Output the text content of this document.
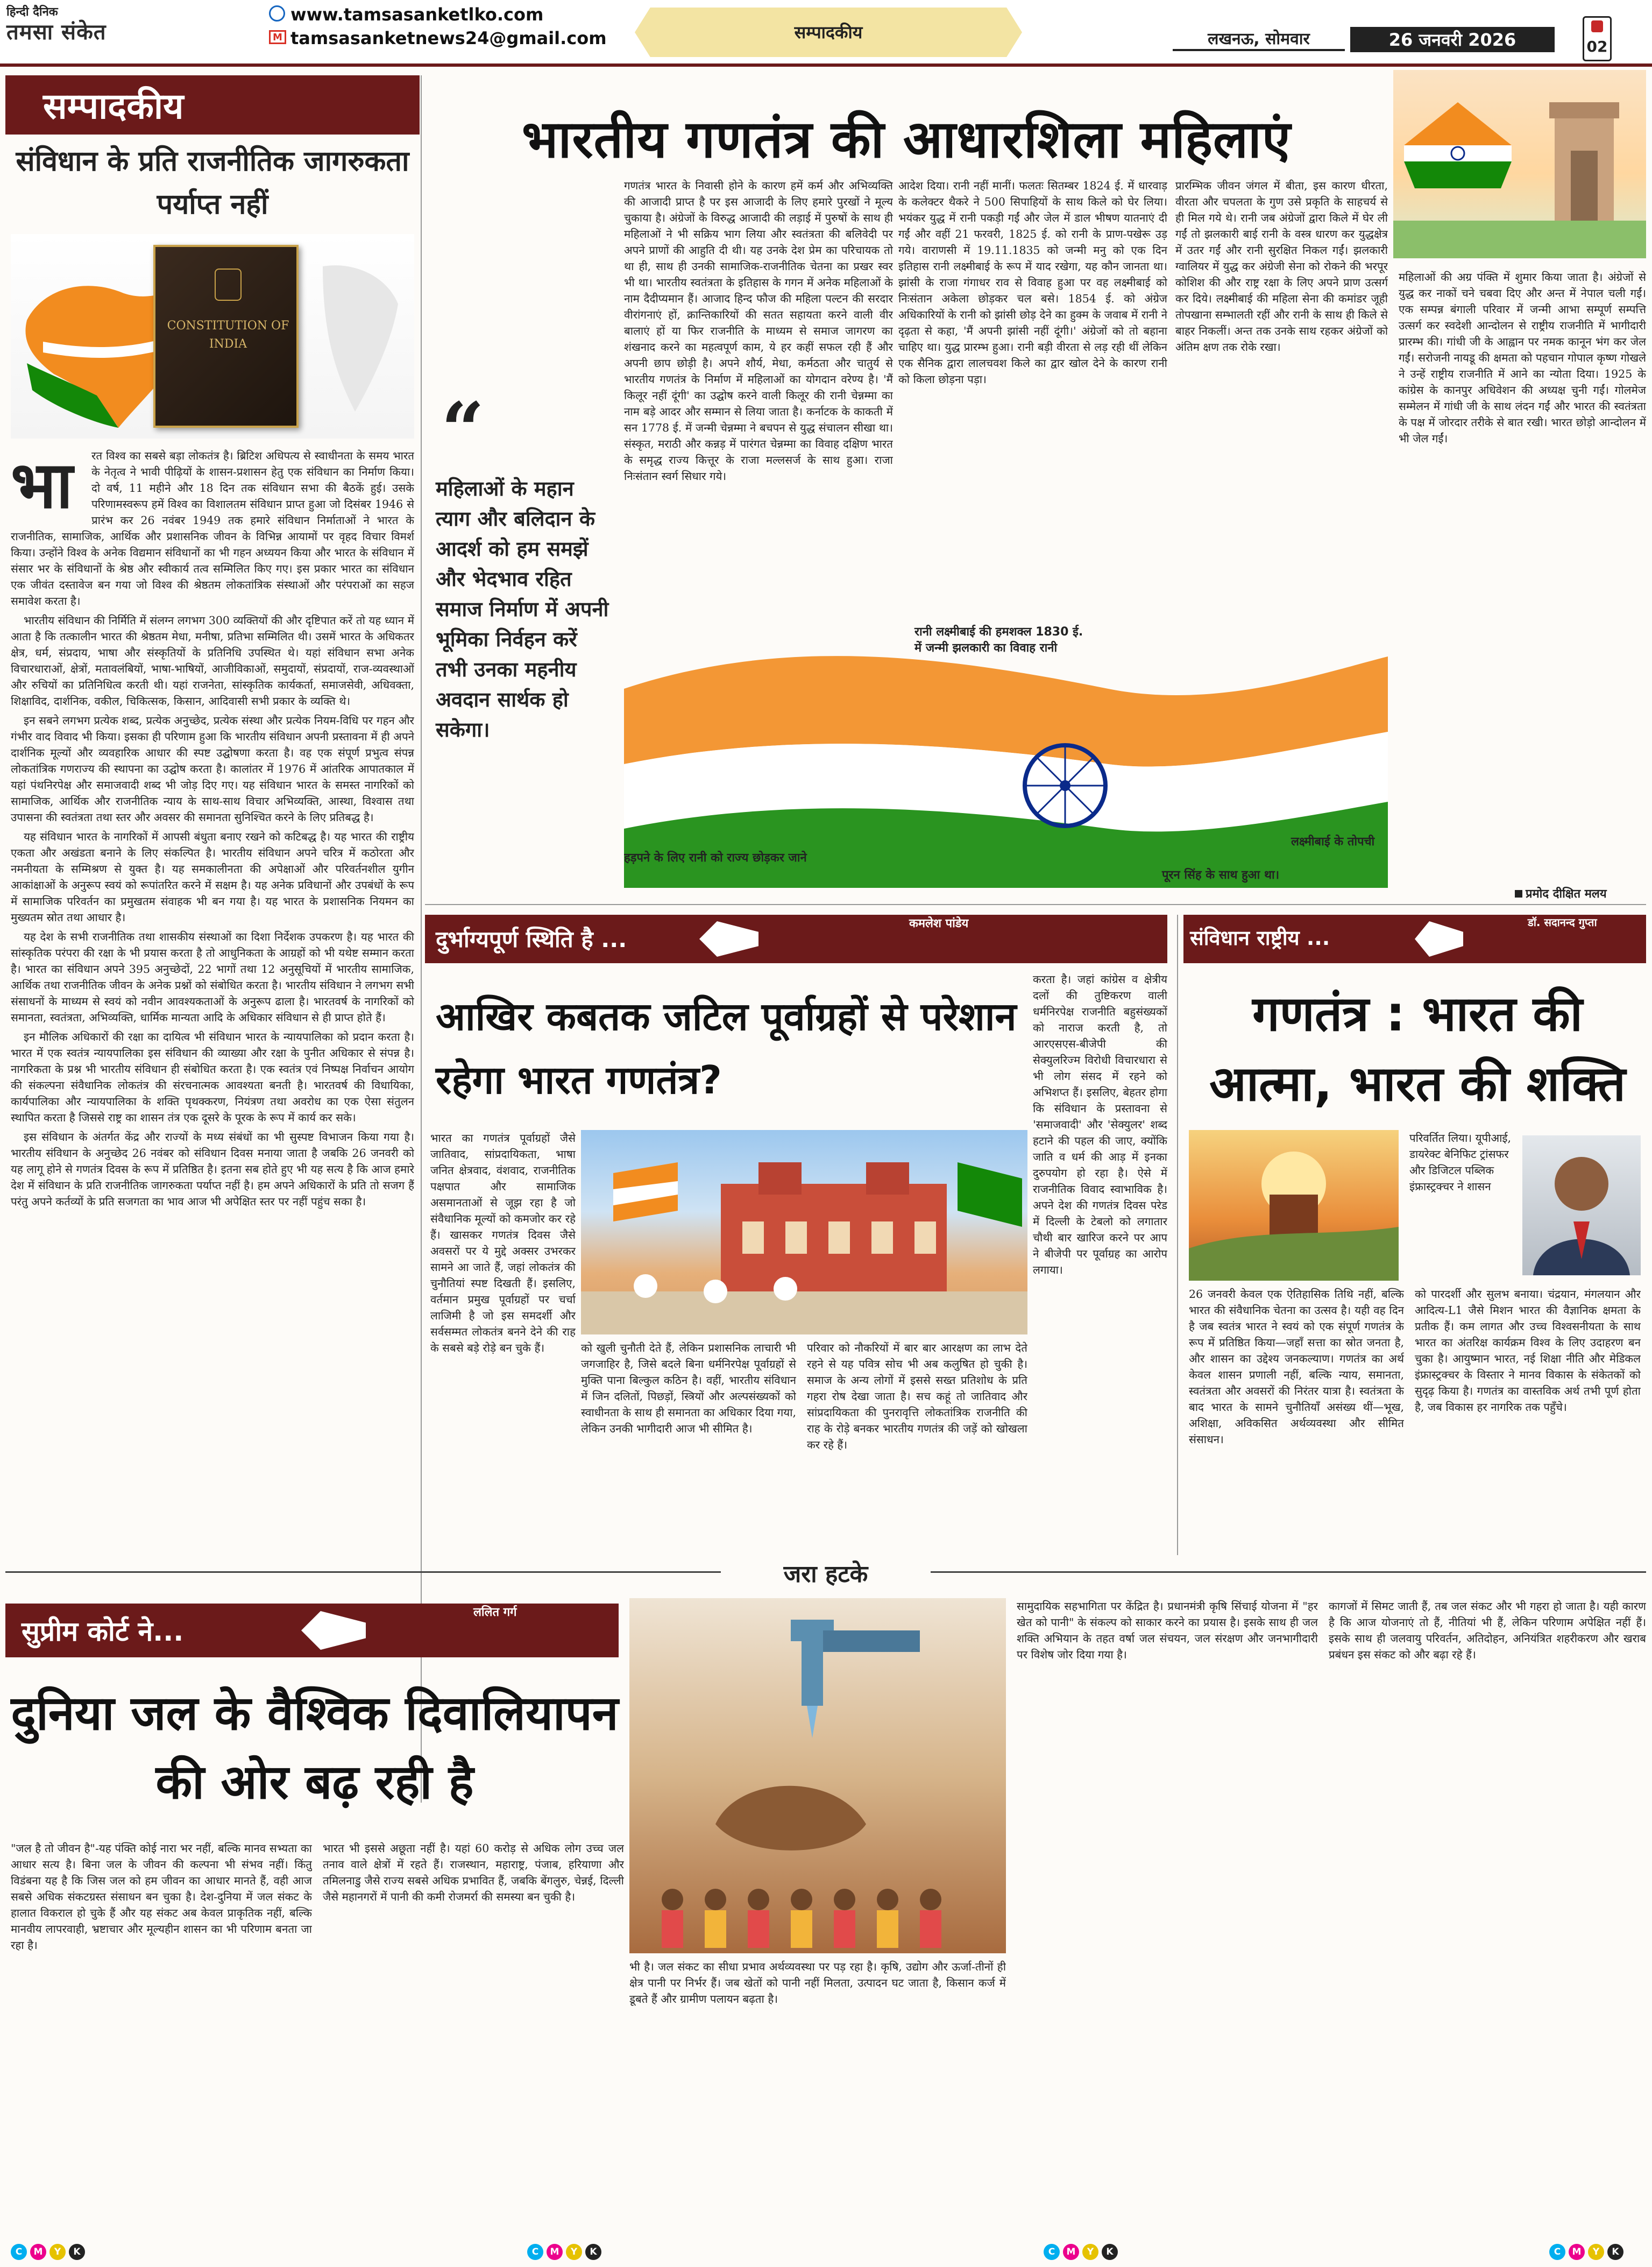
हिन्दी दैनिक
तमसा संकेत
www.tamsasanketlko.com
M tamsasanketnews24@gmail.com	सम्पादकीय	लखनऊ, सोमवार	26 जनवरी 2026	02
सम्पादकीय
संविधान के प्रति राजनीतिक जागरुकता पर्याप्त नहीं
CONSTITUTION OF INDIA
भा	रत विश्व का सबसे बड़ा लोकतंत्र है। ब्रिटिश अधिपत्य से स्वाधीनता के समय भारत के नेतृत्व ने भावी पीढ़ियों के शासन-प्रशासन हेतु एक संविधान का निर्माण किया। दो वर्ष, 11 महीने और 18 दिन तक संविधान सभा की बैठकें हुई। उसके परिणामस्वरूप हमें विश्व का विशालतम संविधान प्राप्त हुआ जो दिसंबर 1946 से प्रारंभ कर 26 नवंबर 1949 तक हमारे संविधान निर्माताओं ने भारत के राजनीतिक, सामाजिक, आर्थिक और प्रशासनिक जीवन के विभिन्न आयामों पर वृहद विचार विमर्श किया। उन्होंने विश्व के अनेक विद्यमान संविधानों का भी गहन अध्ययन किया और भारत के संविधान में संसार भर के संविधानों के श्रेष्ठ और स्वीकार्य तत्व सम्मिलित किए गए। इस प्रकार भारत का संविधान एक जीवंत दस्तावेज बन गया जो विश्व की श्रेष्ठतम लोकतांत्रिक संस्थाओं और परंपराओं का सहज समावेश करता है।

भारतीय संविधान की निर्मिति में संलग्न लगभग 300 व्यक्तियों की और दृष्टिपात करें तो यह ध्यान में आता है कि तत्कालीन भारत की श्रेष्ठतम मेधा, मनीषा, प्रतिभा सम्मिलित थी। उसमें भारत के अधिकतर क्षेत्र, धर्म, संप्रदाय, भाषा और संस्कृतियों के प्रतिनिधि उपस्थित थे। यहां संविधान सभा अनेक विचारधाराओं, क्षेत्रों, मतावलंबियों, भाषा-भाषियों, आजीविकाओं, समुदायों, संप्रदायों, राज-व्यवस्थाओं और रुचियों का प्रतिनिधित्व करती थी। यहां राजनेता, सांस्कृतिक कार्यकर्ता, समाजसेवी, अधिवक्ता, शिक्षाविद, दार्शनिक, वकील, चिकित्सक, किसान, आदिवासी सभी प्रकार के व्यक्ति थे।

इन सबने लगभग प्रत्येक शब्द, प्रत्येक अनुच्छेद, प्रत्येक संस्था और प्रत्येक नियम-विधि पर गहन और गंभीर वाद विवाद भी किया। इसका ही परिणाम हुआ कि भारतीय संविधान अपनी प्रस्तावना में ही अपने दार्शनिक मूल्यों और व्यवहारिक आधार की स्पष्ट उद्घोषणा करता है। वह एक संपूर्ण प्रभुत्व संपन्न लोकतांत्रिक गणराज्य की स्थापना का उद्घोष करता है। कालांतर में 1976 में आंतरिक आपातकाल में यहां पंथनिरपेक्ष और समाजवादी शब्द भी जोड़ दिए गए। यह संविधान भारत के समस्त नागरिकों को सामाजिक, आर्थिक और राजनीतिक न्याय के साथ-साथ विचार अभिव्यक्ति, आस्था, विश्वास तथा उपासना की स्वतंत्रता तथा स्तर और अवसर की समानता सुनिश्चित करने के लिए प्रतिबद्ध है।

यह संविधान भारत के नागरिकों में आपसी बंधुता बनाए रखने को कटिबद्ध है। यह भारत की राष्ट्रीय एकता और अखंडता बनाने के लिए संकल्पित है। भारतीय संविधान अपने चरित्र में कठोरता और नमनीयता के सम्मिश्रण से युक्त है। यह समकालीनता की अपेक्षाओं और परिवर्तनशील युगीन आकांक्षाओं के अनुरूप स्वयं को रूपांतरित करने में सक्षम है। यह अनेक प्रविधानों और उपबंधों के रूप में सामाजिक परिवर्तन का प्रमुखतम संवाहक भी बन गया है। यह भारत के प्रशासनिक नियमन का मुख्यतम स्रोत तथा आधार है।

यह देश के सभी राजनीतिक तथा शासकीय संस्थाओं का दिशा निर्देशक उपकरण है। यह भारत की सांस्कृतिक परंपरा की रक्षा के भी प्रयास करता है तो आधुनिकता के आग्रहों को भी यथेष्ट सम्मान करता है। भारत का संविधान अपने 395 अनुच्छेदों, 22 भागों तथा 12 अनुसूचियों में भारतीय सामाजिक, आर्थिक तथा राजनीतिक जीवन के अनेक प्रश्नों को संबोधित करता है। भारतीय संविधान ने लगभग सभी संसाधनों के माध्यम से स्वयं को नवीन आवश्यकताओं के अनुरूप ढाला है। भारतवर्ष के नागरिकों को समानता, स्वतंत्रता, अभिव्यक्ति, धार्मिक मान्यता आदि के अधिकार संविधान से ही प्राप्त होते हैं।

इन मौलिक अधिकारों की रक्षा का दायित्व भी संविधान भारत के न्यायपालिका को प्रदान करता है। भारत में एक स्वतंत्र न्यायपालिका इस संविधान की व्याख्या और रक्षा के पुनीत अधिकार से संपन्न है। नागरिकता के प्रश्न भी भारतीय संविधान ही संबोधित करता है। एक स्वतंत्र एवं निष्पक्ष निर्वाचन आयोग की संकल्पना संवैधानिक लोकतंत्र की संरचनात्मक आवश्यता बनती है। भारतवर्ष की विधायिका, कार्यपालिका और न्यायपालिका के शक्ति पृथक्करण, नियंत्रण तथा अवरोध का एक ऐसा संतुलन स्थापित करता है जिससे राष्ट्र का शासन तंत्र एक दूसरे के पूरक के रूप में कार्य कर सके।

इस संविधान के अंतर्गत केंद्र और राज्यों के मध्य संबंधों का भी सुस्पष्ट विभाजन किया गया है। भारतीय संविधान के अनुच्छेद 26 नवंबर को संविधान दिवस मनाया जाता है जबकि 26 जनवरी को यह लागू होने से गणतंत्र दिवस के रूप में प्रतिष्ठित है। इतना सब होते हुए भी यह सत्य है कि आज हमारे देश में संविधान के प्रति राजनीतिक जागरुकता पर्याप्त नहीं है। हम अपने अधिकारों के प्रति तो सजग हैं परंतु अपने कर्तव्यों के प्रति सजगता का भाव आज भी अपेक्षित स्तर पर नहीं पहुंच सका है।

भारतीय गणतंत्र की आधारशिला महिलाएं
“
महिलाओं के महान त्याग और बलिदान के आदर्श को हम समझें और भेदभाव रहित समाज निर्माण में अपनी भूमिका निर्वहन करें तभी उनका महनीय अवदान सार्थक हो सकेगा।
गणतंत्र भारत के निवासी होने के कारण हमें कर्म और अभिव्यक्ति की आजादी प्राप्त है पर इस आजादी के लिए हमारे पुरखों ने मूल्य चुकाया है। अंग्रेजों के विरुद्ध आजादी की लड़ाई में पुरुषों के साथ ही महिलाओं ने भी सक्रिय भाग लिया और स्वतंत्रता की बलिवेदी पर अपने प्राणों की आहुति दी थी। यह उनके देश प्रेम का परिचायक तो था ही, साथ ही उनकी सामाजिक-राजनीतिक चेतना का प्रखर स्वर भी था। भारतीय स्वतंत्रता के इतिहास के गगन में अनेक महिलाओं के नाम दैदीप्यमान हैं। आजाद हिन्द फौज की महिला पल्टन की सरदार वीरांगनाएं हों, क्रान्तिकारियों की सतत सहायता करने वाली वीर बालाएं हों या फिर राजनीति के माध्यम से समाज जागरण का शंखनाद करने का महत्वपूर्ण काम, ये हर कहीं सफल रही हैं और अपनी छाप छोड़ी है। अपने शौर्य, मेधा, कर्मठता और चातुर्य से भारतीय गणतंत्र के निर्माण में महिलाओं का योगदान वरेण्य है। 'मैं किलूर नहीं दूंगी' का उद्घोष करने वाली किलूर की रानी चेन्नम्मा का नाम बड़े आदर और सम्मान से लिया जाता है। कर्नाटक के काकती में सन 1778 ई. में जन्मी चेन्नम्मा ने बचपन से युद्ध संचालन सीखा था। संस्कृत, मराठी और कन्नड़ में पारंगत चेन्नम्मा का विवाह दक्षिण भारत के समृद्ध राज्य कित्तूर के राजा मल्लसर्ज के साथ हुआ। राजा निःसंतान स्वर्ग सिधार गये।
आदेश दिया। रानी नहीं मानीं। फलतः सितम्बर 1824 ई. में धारवाड़ के कलेक्टर थैकरे ने 500 सिपाहियों के साथ किले को घेर लिया। भयंकर युद्ध में रानी पकड़ी गईं और जेल में डाल भीषण यातनाएं दी गईं और वहीं 21 फरवरी, 1825 ई. को रानी के प्राण-पखेरू उड़ गये। वाराणसी में 19.11.1835 को जन्मी मनु को एक दिन इतिहास रानी लक्ष्मीबाई के रूप में याद रखेगा, यह कौन जानता था। झांसी के राजा गंगाधर राव से विवाह हुआ पर वह लक्ष्मीबाई को निःसंतान अकेला छोड़कर चल बसे। 1854 ई. को अंग्रेज अधिकारियों के रानी को झांसी छोड़ देने का हुक्म के जवाब में रानी ने दृढ़ता से कहा, 'मैं अपनी झांसी नहीं दूंगी।' अंग्रेजों को तो बहाना चाहिए था। युद्ध प्रारम्भ हुआ। रानी बड़ी वीरता से लड़ रही थीं लेकिन एक सैनिक द्वारा लालचवश किले का द्वार खोल देने के कारण रानी को किला छोड़ना पड़ा।
प्रारम्भिक जीवन जंगल में बीता, इस कारण धीरता, वीरता और चपलता के गुण उसे प्रकृति के साहचर्य से ही मिल गये थे। रानी जब अंग्रेजों द्वारा किले में घेर ली गईं तो झलकारी बाई रानी के वस्त्र धारण कर युद्धक्षेत्र में उतर गईं और रानी सुरक्षित निकल गईं। झलकारी ग्वालियर में युद्ध कर अंग्रेजी सेना को रोकने की भरपूर कोशिश की और राष्ट्र रक्षा के लिए अपने प्राण उत्सर्ग कर दिये। लक्ष्मीबाई की महिला सेना की कमांडर जूही तोपखाना सम्भालती रहीं और रानी के साथ ही किले से बाहर निकलीं। अन्त तक उनके साथ रहकर अंग्रेजों को अंतिम क्षण तक रोके रखा।
महिलाओं की अग्र पंक्ति में शुमार किया जाता है। अंग्रेजों से युद्ध कर नाकों चने चबवा दिए और अन्त में नेपाल चली गईं। एक सम्पन्न बंगाली परिवार में जन्मी आभा सम्पूर्ण सम्पत्ति उत्सर्ग कर स्वदेशी आन्दोलन से राष्ट्रीय राजनीति में भागीदारी प्रारम्भ की। गांधी जी के आह्वान पर नमक कानून भंग कर जेल गईं। सरोजनी नायडू की क्षमता को पहचान गोपाल कृष्ण गोखले ने उन्हें राष्ट्रीय राजनीति में आने का न्योता दिया। 1925 के कांग्रेस के कानपुर अधिवेशन की अध्यक्ष चुनी गईं। गोलमेज सम्मेलन में गांधी जी के साथ लंदन गईं और भारत की स्वतंत्रता के पक्ष में जोरदार तरीके से बात रखी। भारत छोड़ो आन्दोलन में भी जेल गईं।
रानी लक्ष्मीबाई की हमशक्ल 1830 ई. में जन्मी झलकारी का विवाह रानी
हड़पने के लिए रानी को राज्य छोड़कर जाने
लक्ष्मीबाई के तोपची
पूरन सिंह के साथ हुआ था।
प्रमोद दीक्षित मलय
दुर्भाग्यपूर्ण स्थिति है ...
कमलेश पांडेय
आखिर कबतक जटिल पूर्वाग्रहों से परेशान रहेगा भारत गणतंत्र?
करता है। जहां कांग्रेस व क्षेत्रीय दलों की तुष्टिकरण वाली धर्मनिरपेक्ष राजनीति बहुसंख्यकों को नाराज करती है, तो आरएसएस-बीजेपी की सेक्युलरिज्म विरोधी विचारधारा से भी लोग संसद में रहने को अभिशप्त हैं। इसलिए, बेहतर होगा कि संविधान के प्रस्तावना से 'समाजवादी' और 'सेक्युलर' शब्द हटाने की पहल की जाए, क्योंकि जाति व धर्म की आड़ में इनका दुरुपयोग हो रहा है। ऐसे में राजनीतिक विवाद स्वाभाविक है। अपने देश की गणतंत्र दिवस परेड में दिल्ली के टेबलो को लगातार चौथी बार खारिज करने पर आप ने बीजेपी पर पूर्वाग्रह का आरोप लगाया।
भारत का गणतंत्र पूर्वाग्रहों जैसे जातिवाद, सांप्रदायिकता, भाषा जनित क्षेत्रवाद, वंशवाद, राजनीतिक पक्षपात और सामाजिक असमानताओं से जूझ रहा है जो संवैधानिक मूल्यों को कमजोर कर रहे हैं। खासकर गणतंत्र दिवस जैसे अवसरों पर ये मुद्दे अक्सर उभरकर सामने आ जाते हैं, जहां लोकतंत्र की चुनौतियां स्पष्ट दिखती हैं। इसलिए, वर्तमान प्रमुख पूर्वाग्रहों पर चर्चा लाजिमी है जो इस समदर्शी और सर्वसम्मत लोकतंत्र बनने देने की राह के सबसे बड़े रोड़े बन चुके हैं।	को खुली चुनौती देते हैं, लेकिन प्रशासनिक लाचारी भी जगजाहिर है, जिसे बदले बिना धर्मनिरपेक्ष पूर्वाग्रहों से मुक्ति पाना बिल्कुल कठिन है। वहीं, भारतीय संविधान में जिन दलितों, पिछड़ों, स्त्रियों और अल्पसंख्यकों को स्वाधीनता के साथ ही समानता का अधिकार दिया गया, लेकिन उनकी भागीदारी आज भी सीमित है।
परिवार को नौकरियों में बार बार आरक्षण का लाभ देते रहने से यह पवित्र सोच भी अब कलुषित हो चुकी है। समाज के अन्य लोगों में इससे सख्त प्रतिशोध के प्रति गहरा रोष देखा जाता है। सच कहूं तो जातिवाद और सांप्रदायिकता की पुनरावृत्ति लोकतांत्रिक राजनीति की राह के रोड़े बनकर भारतीय गणतंत्र की जड़ें को खोखला कर रहे हैं।
संविधान राष्ट्रीय ...
डॉ. सदानन्द गुप्ता
गणतंत्र : भारत की आत्मा, भारत की शक्ति
परिवर्तित लिया। यूपीआई, डायरेक्ट बेनिफिट ट्रांसफर और डिजिटल पब्लिक इंफ्रास्ट्रक्चर ने शासन
26 जनवरी केवल एक ऐतिहासिक तिथि नहीं, बल्कि भारत की संवैधानिक चेतना का उत्सव है। यही वह दिन है जब स्वतंत्र भारत ने स्वयं को एक संपूर्ण गणतंत्र के रूप में प्रतिष्ठित किया—जहाँ सत्ता का स्रोत जनता है, और शासन का उद्देश्य जनकल्याण। गणतंत्र का अर्थ केवल शासन प्रणाली नहीं, बल्कि न्याय, समानता, स्वतंत्रता और अवसरों की निरंतर यात्रा है। स्वतंत्रता के बाद भारत के सामने चुनौतियाँ असंख्य थीं—भूख, अशिक्षा, अविकसित अर्थव्यवस्था और सीमित संसाधन।
को पारदर्शी और सुलभ बनाया। चंद्रयान, मंगलयान और आदित्य-L1 जैसे मिशन भारत की वैज्ञानिक क्षमता के प्रतीक हैं। कम लागत और उच्च विश्वसनीयता के साथ भारत का अंतरिक्ष कार्यक्रम विश्व के लिए उदाहरण बन चुका है। आयुष्मान भारत, नई शिक्षा नीति और मेडिकल इंफ्रास्ट्रक्चर के विस्तार ने मानव विकास के संकेतकों को सुदृढ़ किया है। गणतंत्र का वास्तविक अर्थ तभी पूर्ण होता है, जब विकास हर नागरिक तक पहुँचे।
जरा हटके
सुप्रीम कोर्ट ने...
ललित गर्ग
दुनिया जल के वैश्विक दिवालियापन की ओर बढ़ रही है
"जल है तो जीवन है"-यह पंक्ति कोई नारा भर नहीं, बल्कि मानव सभ्यता का आधार सत्य है। बिना जल के जीवन की कल्पना भी संभव नहीं। किंतु विडंबना यह है कि जिस जल को हम जीवन का आधार मानते हैं, वही आज सबसे अधिक संकटग्रस्त संसाधन बन चुका है। देश-दुनिया में जल संकट के हालात विकराल हो चुके हैं और यह संकट अब केवल प्राकृतिक नहीं, बल्कि मानवीय लापरवाही, भ्रष्टाचार और मूल्यहीन शासन का भी परिणाम बनता जा रहा है।
भारत भी इससे अछूता नहीं है। यहां 60 करोड़ से अधिक लोग उच्च जल तनाव वाले क्षेत्रों में रहते हैं। राजस्थान, महाराष्ट्र, पंजाब, हरियाणा और तमिलनाडु जैसे राज्य सबसे अधिक प्रभावित हैं, जबकि बेंगलुरु, चेन्नई, दिल्ली जैसे महानगरों में पानी की कमी रोजमर्रा की समस्या बन चुकी है।
भी है। जल संकट का सीधा प्रभाव अर्थव्यवस्था पर पड़ रहा है। कृषि, उद्योग और ऊर्जा-तीनों ही क्षेत्र पानी पर निर्भर हैं। जब खेतों को पानी नहीं मिलता, उत्पादन घट जाता है, किसान कर्ज में डूबते हैं और ग्रामीण पलायन बढ़ता है।
सामुदायिक सहभागिता पर केंद्रित है। प्रधानमंत्री कृषि सिंचाई योजना में "हर खेत को पानी" के संकल्प को साकार करने का प्रयास है। इसके साथ ही जल शक्ति अभियान के तहत वर्षा जल संचयन, जल संरक्षण और जनभागीदारी पर विशेष जोर दिया गया है।
कागजों में सिमट जाती हैं, तब जल संकट और भी गहरा हो जाता है। यही कारण है कि आज योजनाएं तो हैं, नीतियां भी हैं, लेकिन परिणाम अपेक्षित नहीं हैं। इसके साथ ही जलवायु परिवर्तन, अतिदोहन, अनियंत्रित शहरीकरण और खराब प्रबंधन इस संकट को और बढ़ा रहे हैं।
C	M	Y	K	C	M	Y	K	C	M	Y	K	C	M	Y	K
